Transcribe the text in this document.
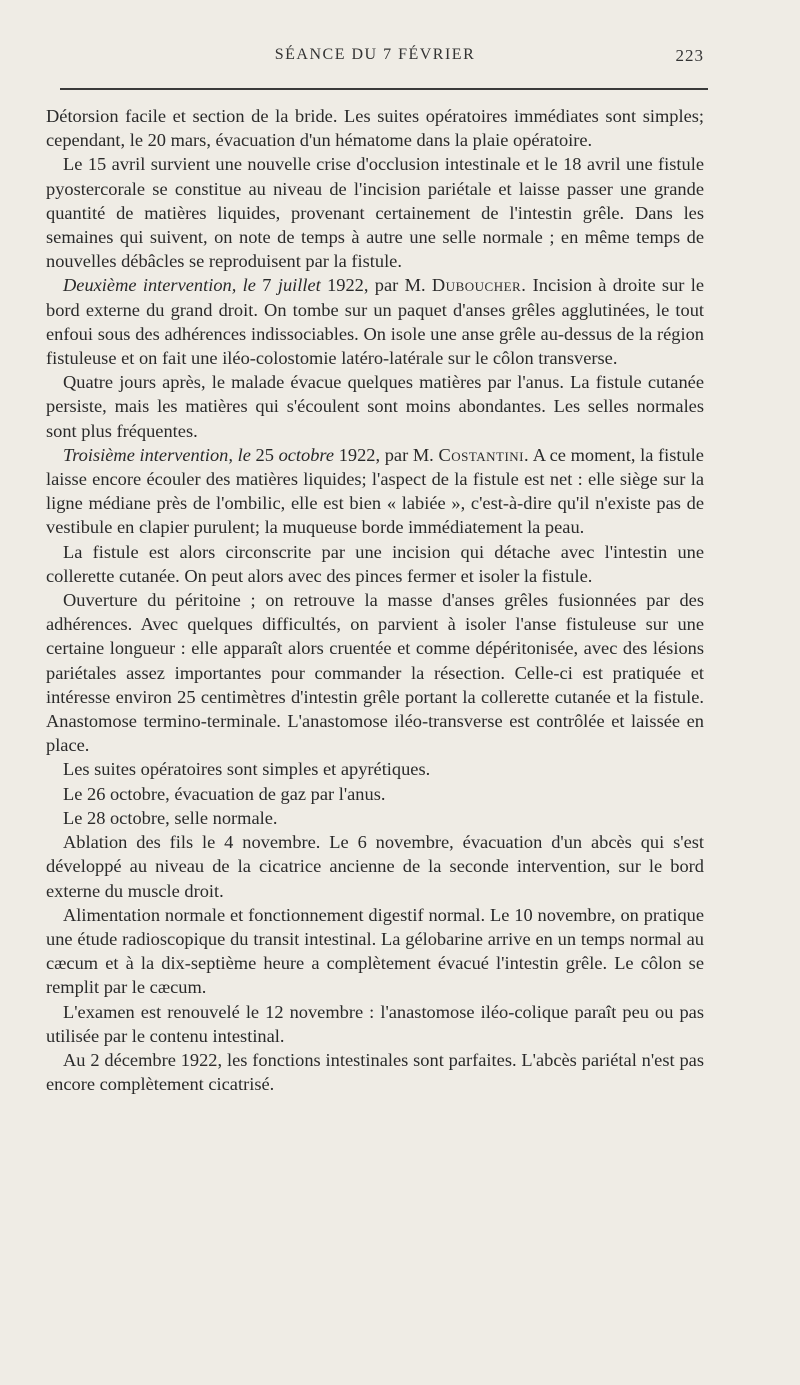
SÉANCE DU 7 FÉVRIER	223

Détorsion facile et section de la bride. Les suites opératoires immédiates sont simples; cependant, le 20 mars, évacuation d'un hématome dans la plaie opératoire.

Le 15 avril survient une nouvelle crise d'occlusion intestinale et le 18 avril une fistule pyostercorale se constitue au niveau de l'incision pariétale et laisse passer une grande quantité de matières liquides, provenant certainement de l'intestin grêle. Dans les semaines qui suivent, on note de temps à autre une selle normale ; en même temps de nouvelles débâcles se reproduisent par la fistule.

Deuxième intervention, le 7 juillet 1922, par M. Duboucher. Incision à droite sur le bord externe du grand droit. On tombe sur un paquet d'anses grêles agglutinées, le tout enfoui sous des adhérences indissociables. On isole une anse grêle au-dessus de la région fistuleuse et on fait une iléo-colostomie latéro-latérale sur le côlon transverse.

Quatre jours après, le malade évacue quelques matières par l'anus. La fistule cutanée persiste, mais les matières qui s'écoulent sont moins abondantes. Les selles normales sont plus fréquentes.

Troisième intervention, le 25 octobre 1922, par M. Costantini. A ce moment, la fistule laisse encore écouler des matières liquides; l'aspect de la fistule est net : elle siège sur la ligne médiane près de l'ombilic, elle est bien « labiée », c'est-à-dire qu'il n'existe pas de vestibule en clapier purulent; la muqueuse borde immédiatement la peau.

La fistule est alors circonscrite par une incision qui détache avec l'intestin une collerette cutanée. On peut alors avec des pinces fermer et isoler la fistule.

Ouverture du péritoine ; on retrouve la masse d'anses grêles fusionnées par des adhérences. Avec quelques difficultés, on parvient à isoler l'anse fistuleuse sur une certaine longueur : elle apparaît alors cruentée et comme dépéritonisée, avec des lésions pariétales assez importantes pour commander la résection. Celle-ci est pratiquée et intéresse environ 25 centimètres d'intestin grêle portant la collerette cutanée et la fistule. Anastomose termino-terminale. L'anastomose iléo-transverse est contrôlée et laissée en place.

Les suites opératoires sont simples et apyrétiques.

Le 26 octobre, évacuation de gaz par l'anus.

Le 28 octobre, selle normale.

Ablation des fils le 4 novembre. Le 6 novembre, évacuation d'un abcès qui s'est développé au niveau de la cicatrice ancienne de la seconde intervention, sur le bord externe du muscle droit.

Alimentation normale et fonctionnement digestif normal. Le 10 novembre, on pratique une étude radioscopique du transit intestinal. La gélobarine arrive en un temps normal au cæcum et à la dix-septième heure a complètement évacué l'intestin grêle. Le côlon se remplit par le cæcum.

L'examen est renouvelé le 12 novembre : l'anastomose iléo-colique paraît peu ou pas utilisée par le contenu intestinal.

Au 2 décembre 1922, les fonctions intestinales sont parfaites. L'abcès pariétal n'est pas encore complètement cicatrisé.
